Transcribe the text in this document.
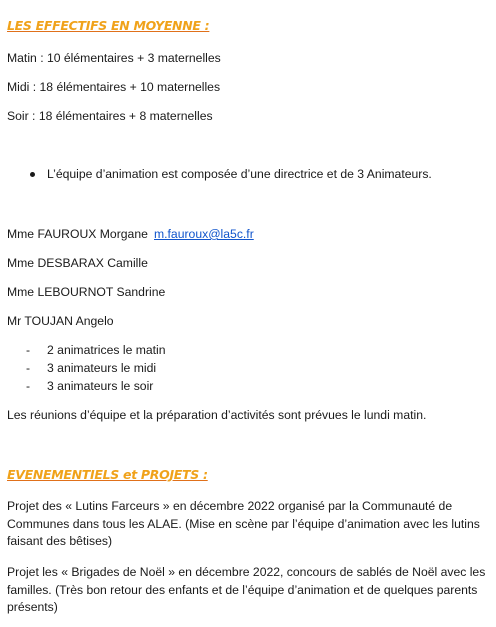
LES EFFECTIFS EN MOYENNE :
Matin : 10 élémentaires + 3 maternelles
Midi : 18 élémentaires + 10 maternelles
Soir : 18 élémentaires + 8 maternelles
L’équipe d’animation est composée d’une directrice et de 3 Animateurs.
Mme FAUROUX Morgane m.fauroux@la5c.fr
Mme DESBARAX Camille
Mme LEBOURNOT Sandrine
Mr TOUJAN Angelo
- 2 animatrices le matin
- 3 animateurs le midi
- 3 animateurs le soir
Les réunions d’équipe et la préparation d’activités sont prévues le lundi matin.
EVENEMENTIELS et PROJETS :
Projet des « Lutins Farceurs » en décembre 2022 organisé par la Communauté de Communes dans tous les ALAE. (Mise en scène par l’équipe d’animation avec les lutins faisant des bêtises)
Projet les « Brigades de Noël » en décembre 2022, concours de sablés de Noël avec les familles. (Très bon retour des enfants et de l’équipe d’animation et de quelques parents présents)
